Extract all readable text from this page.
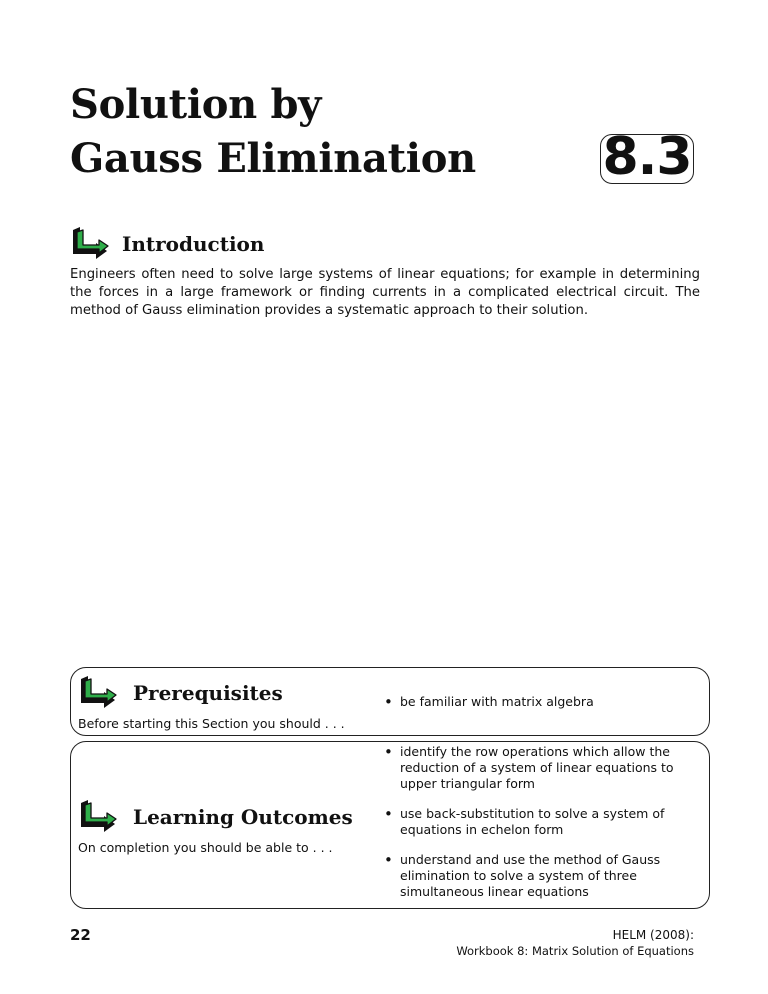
Solution by
Gauss Elimination 8.3
Introduction

Engineers often need to solve large systems of linear equations; for example in determining the forces in a large framework or finding currents in a complicated electrical circuit. The method of Gauss elimination provides a systematic approach to their solution.

Prerequisites

Before starting this Section you should . . .

• be familiar with matrix algebra
Learning Outcomes

On completion you should be able to . . .

• identify the row operations which allow the reduction of a system of linear equations to upper triangular form
• use back-substitution to solve a system of equations in echelon form
• understand and use the method of Gauss elimination to solve a system of three simultaneous linear equations
22	HELM (2008):
Workbook 8: Matrix Solution of Equations
